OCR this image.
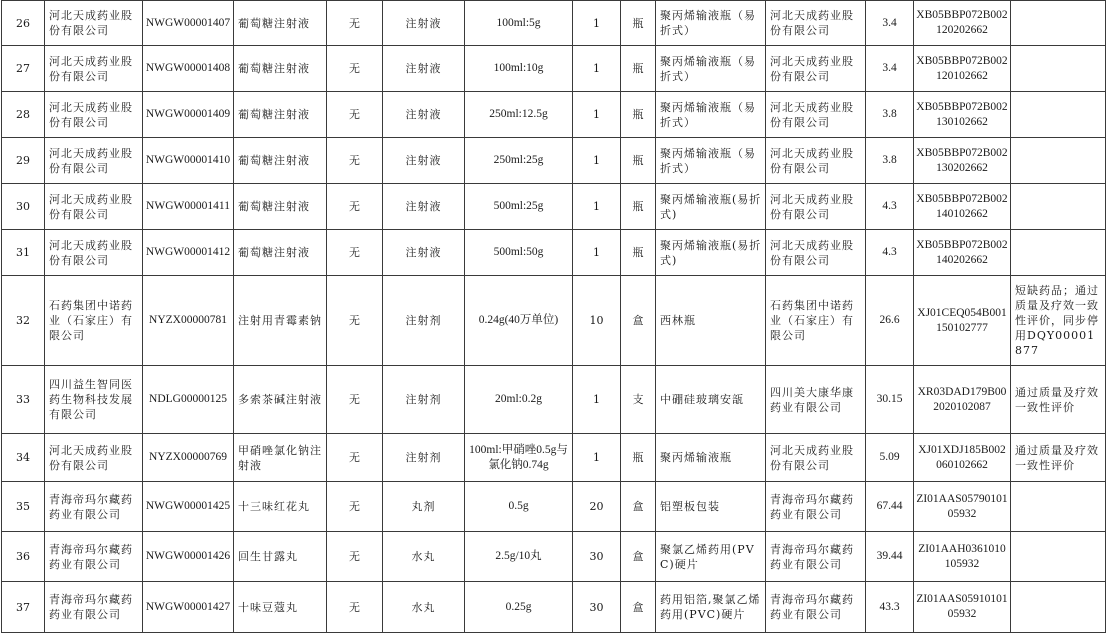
26	河北天成药业股份有限公司	NWGW00001407	葡萄糖注射液	无	注射液	100ml:5g	1	瓶	聚丙烯输液瓶（易折式）	河北天成药业股份有限公司	3.4	XB05BBP072B002120202662	
27	河北天成药业股份有限公司	NWGW00001408	葡萄糖注射液	无	注射液	100ml:10g	1	瓶	聚丙烯输液瓶（易折式）	河北天成药业股份有限公司	3.4	XB05BBP072B002120102662	
28	河北天成药业股份有限公司	NWGW00001409	葡萄糖注射液	无	注射液	250ml:12.5g	1	瓶	聚丙烯输液瓶（易折式）	河北天成药业股份有限公司	3.8	XB05BBP072B002130102662	
29	河北天成药业股份有限公司	NWGW00001410	葡萄糖注射液	无	注射液	250ml:25g	1	瓶	聚丙烯输液瓶（易折式）	河北天成药业股份有限公司	3.8	XB05BBP072B002130202662	
30	河北天成药业股份有限公司	NWGW00001411	葡萄糖注射液	无	注射液	500ml:25g	1	瓶	聚丙烯输液瓶(易折式)	河北天成药业股份有限公司	4.3	XB05BBP072B002140102662	
31	河北天成药业股份有限公司	NWGW00001412	葡萄糖注射液	无	注射液	500ml:50g	1	瓶	聚丙烯输液瓶(易折式)	河北天成药业股份有限公司	4.3	XB05BBP072B002140202662	
32	石药集团中诺药业（石家庄）有限公司	NYZX00000781	注射用青霉素钠	无	注射剂	0.24g(40万单位)	10	盒	西林瓶	石药集团中诺药业（石家庄）有限公司	26.6	XJ01CEQ054B001150102777	短缺药品；通过质量及疗效一致性评价，同步停用DQY00001877
33	四川益生智同医药生物科技发展有限公司	NDLG00000125	多索茶碱注射液	无	注射剂	20ml:0.2g	1	支	中硼硅玻璃安瓿	四川美大康华康药业有限公司	30.15	XR03DAD179B002020102087	通过质量及疗效一致性评价
34	河北天成药业股份有限公司	NYZX00000769	甲硝唑氯化钠注射液	无	注射剂	100ml:甲硝唑0.5g与氯化钠0.74g	1	瓶	聚丙烯输液瓶	河北天成药业股份有限公司	5.09	XJ01XDJ185B002060102662	通过质量及疗效一致性评价
35	青海帝玛尔藏药药业有限公司	NWGW00001425	十三味红花丸	无	丸剂	0.5g	20	盒	铝塑板包装	青海帝玛尔藏药药业有限公司	67.44	ZI01AAS0579010105932	
36	青海帝玛尔藏药药业有限公司	NWGW00001426	回生甘露丸	无	水丸	2.5g/10丸	30	盒	聚氯乙烯药用(PVC)硬片	青海帝玛尔藏药药业有限公司	39.44	ZI01AAH0361010105932	
37	青海帝玛尔藏药药业有限公司	NWGW00001427	十味豆蔻丸	无	水丸	0.25g	30	盒	药用铝箔,聚氯乙烯药用(PVC)硬片	青海帝玛尔藏药药业有限公司	43.3	ZI01AAS0591010105932	
